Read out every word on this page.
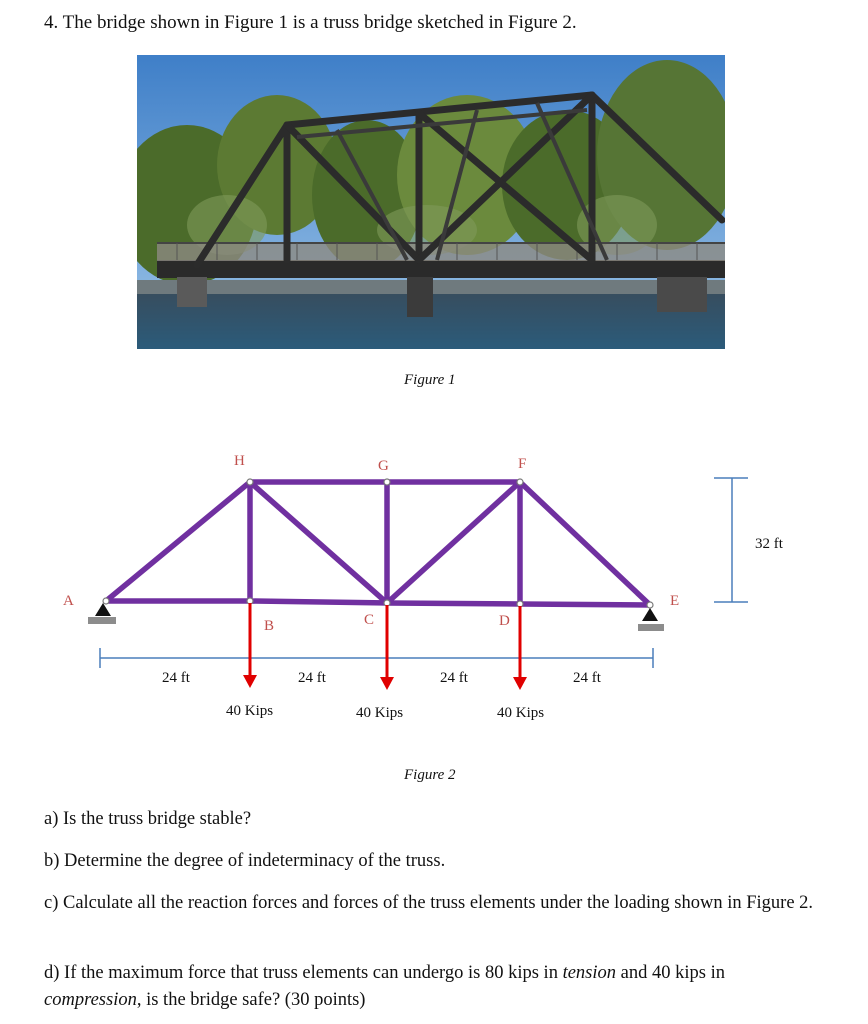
4. The bridge shown in Figure 1 is a truss bridge sketched in Figure 2.
Figure 1
A
H	G	F
E
B	C	D
24 ft	24 ft	24 ft	24 ft
32 ft
40 Kips	40 Kips	40 Kips
Figure 2
a) Is the truss bridge stable?
b) Determine the degree of indeterminacy of the truss.
c) Calculate all the reaction forces and forces of the truss elements under the loading shown in Figure 2.
d) If the maximum force that truss elements can undergo is 80 kips in tension and 40 kips in
compression, is the bridge safe? (30 points)
